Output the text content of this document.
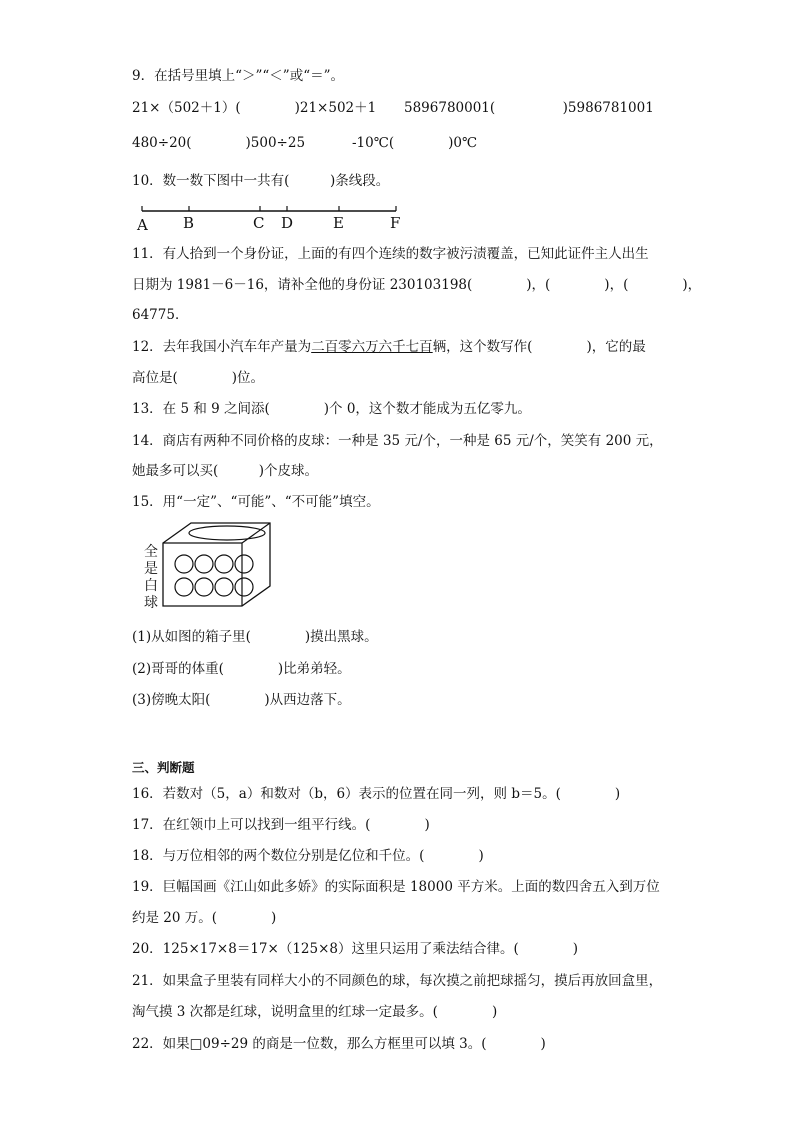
9．在括号里填上“＞”“＜”或“＝”。
21×（502＋1）(　　　　)21×502＋1 5896780001(　　　　　)5986781001
480÷20(　　　　)500÷25	-10℃(　　　　)0℃
10．数一数下图中一共有(　　　)条线段。
A B	C D	E	F
11．有人拾到一个身份证，上面的有四个连续的数字被污渍覆盖，已知此证件主人出生
日期为 1981－6－16，请补全他的身份证 230103198(　　　　)，(　　　　)，(　　　　)，
64775．
12．去年我国小汽车年产量为二百零六万六千七百辆，这个数写作(　　　　)，它的最
高位是(　　　　)位。
13．在 5 和 9 之间添(　　　　)个 0，这个数才能成为五亿零九。
14．商店有两种不同价格的皮球：一种是 35 元/个，一种是 65 元/个，笑笑有 200 元，
她最多可以买(　　　)个皮球。
15．用“一定”、“可能”、“不可能”填空。
全是白球
(1)从如图的箱子里(　　　　)摸出黑球。
(2)哥哥的体重(　　　　)比弟弟轻。
(3)傍晚太阳(　　　　)从西边落下。
三、判断题
16．若数对（5，a）和数对（b，6）表示的位置在同一列，则 b＝5。(　　　　)
17．在红领巾上可以找到一组平行线。(　　　　)
18．与万位相邻的两个数位分别是亿位和千位。(　　　　)
19．巨幅国画《江山如此多娇》的实际面积是 18000 平方米。上面的数四舍五入到万位
约是 20 万。(　　　　)
20．125×17×8＝17×（125×8）这里只运用了乘法结合律。(　　　　)
21．如果盒子里装有同样大小的不同颜色的球，每次摸之前把球摇匀，摸后再放回盒里，
淘气摸 3 次都是红球，说明盒里的红球一定最多。(　　　　)
22．如果□09÷29 的商是一位数，那么方框里可以填 3。(　　　　)
